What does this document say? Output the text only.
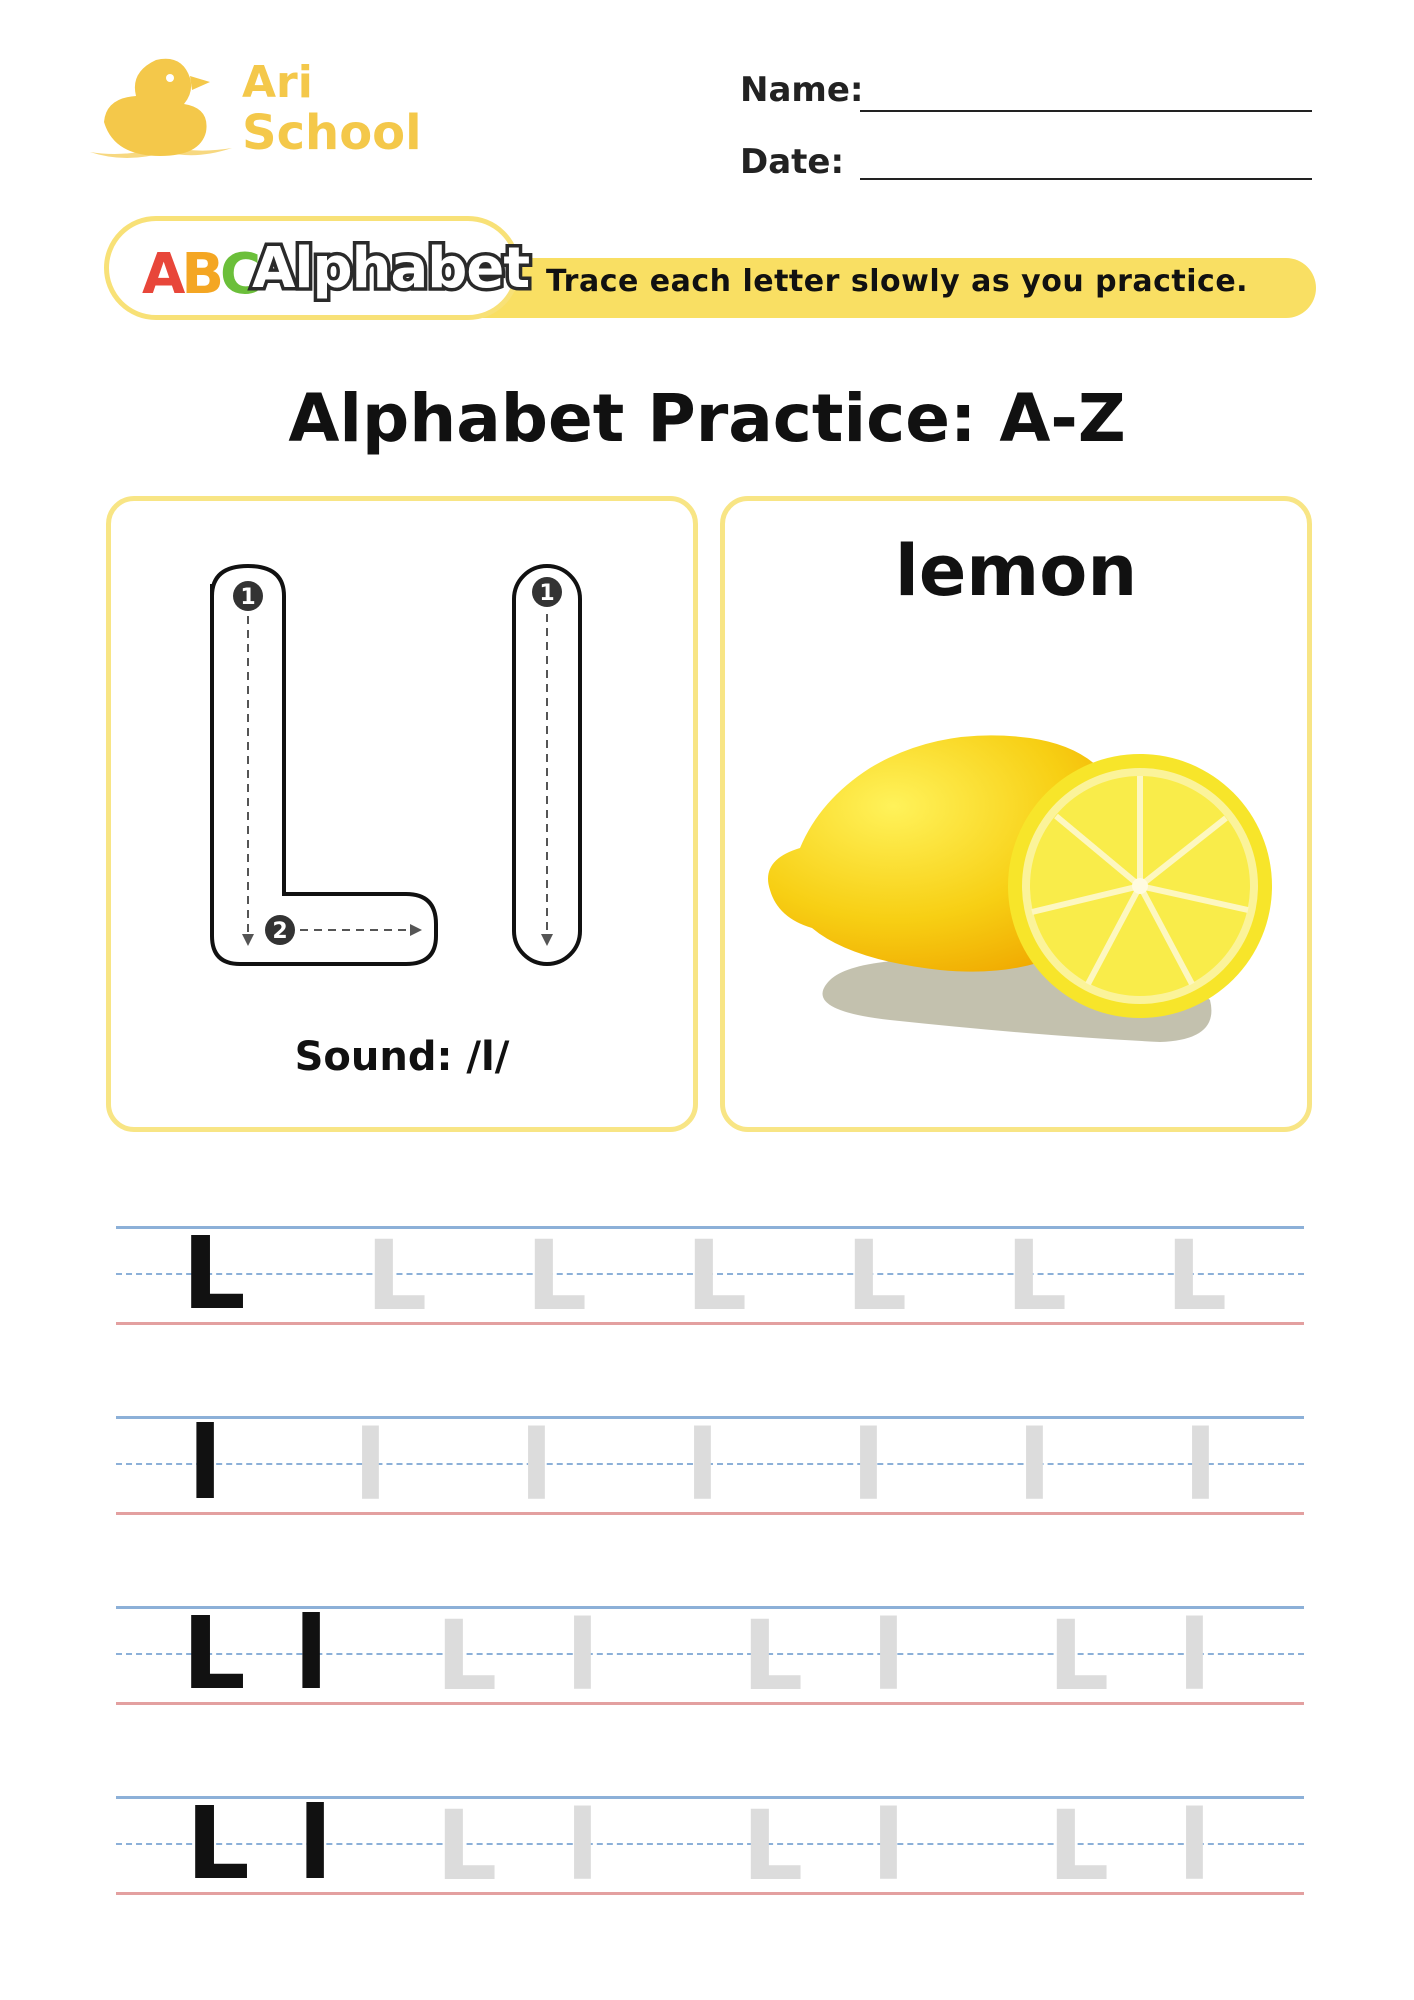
Ari
School
Name:
Date:
ABC
Alphabet Trace each letter slowly as you practice.
Alphabet Practice: A-Z
1
2
1
Sound: /l/
lemon
L L L L L L L
l l l l l l l
L l L l L l L l
L l L l L l L l
